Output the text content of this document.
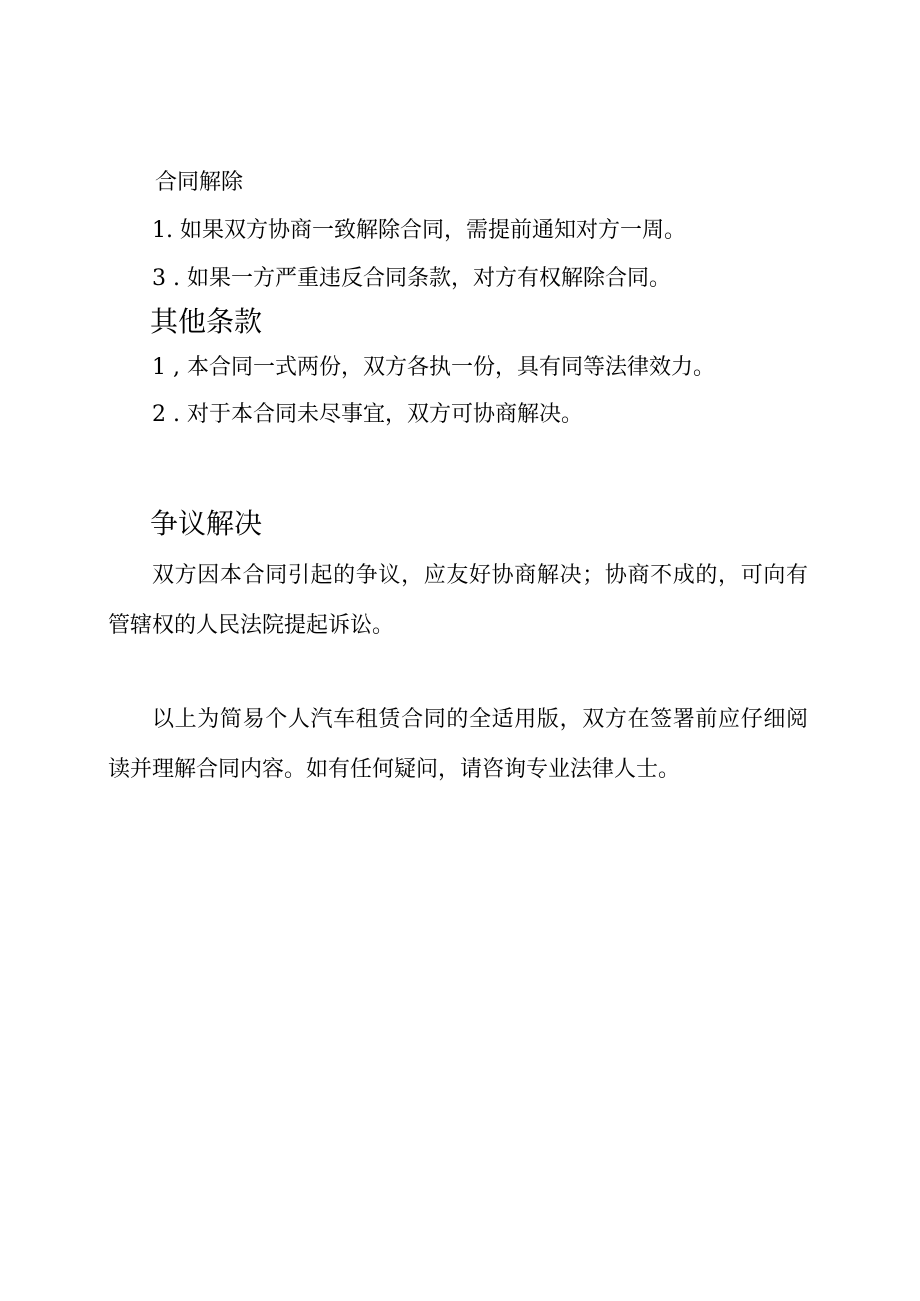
合同解除
1. 如果双方协商一致解除合同，需提前通知对方一周。
3 . 如果一方严重违反合同条款，对方有权解除合同。
其他条款
1 , 本合同一式两份，双方各执一份，具有同等法律效力。
2 . 对于本合同未尽事宜，双方可协商解决。
争议解决

双方因本合同引起的争议，应友好协商解决；协商不成的，可向有管辖权的人民法院提起诉讼。

以上为简易个人汽车租赁合同的全适用版，双方在签署前应仔细阅读并理解合同内容。如有任何疑问，请咨询专业法律人士。
